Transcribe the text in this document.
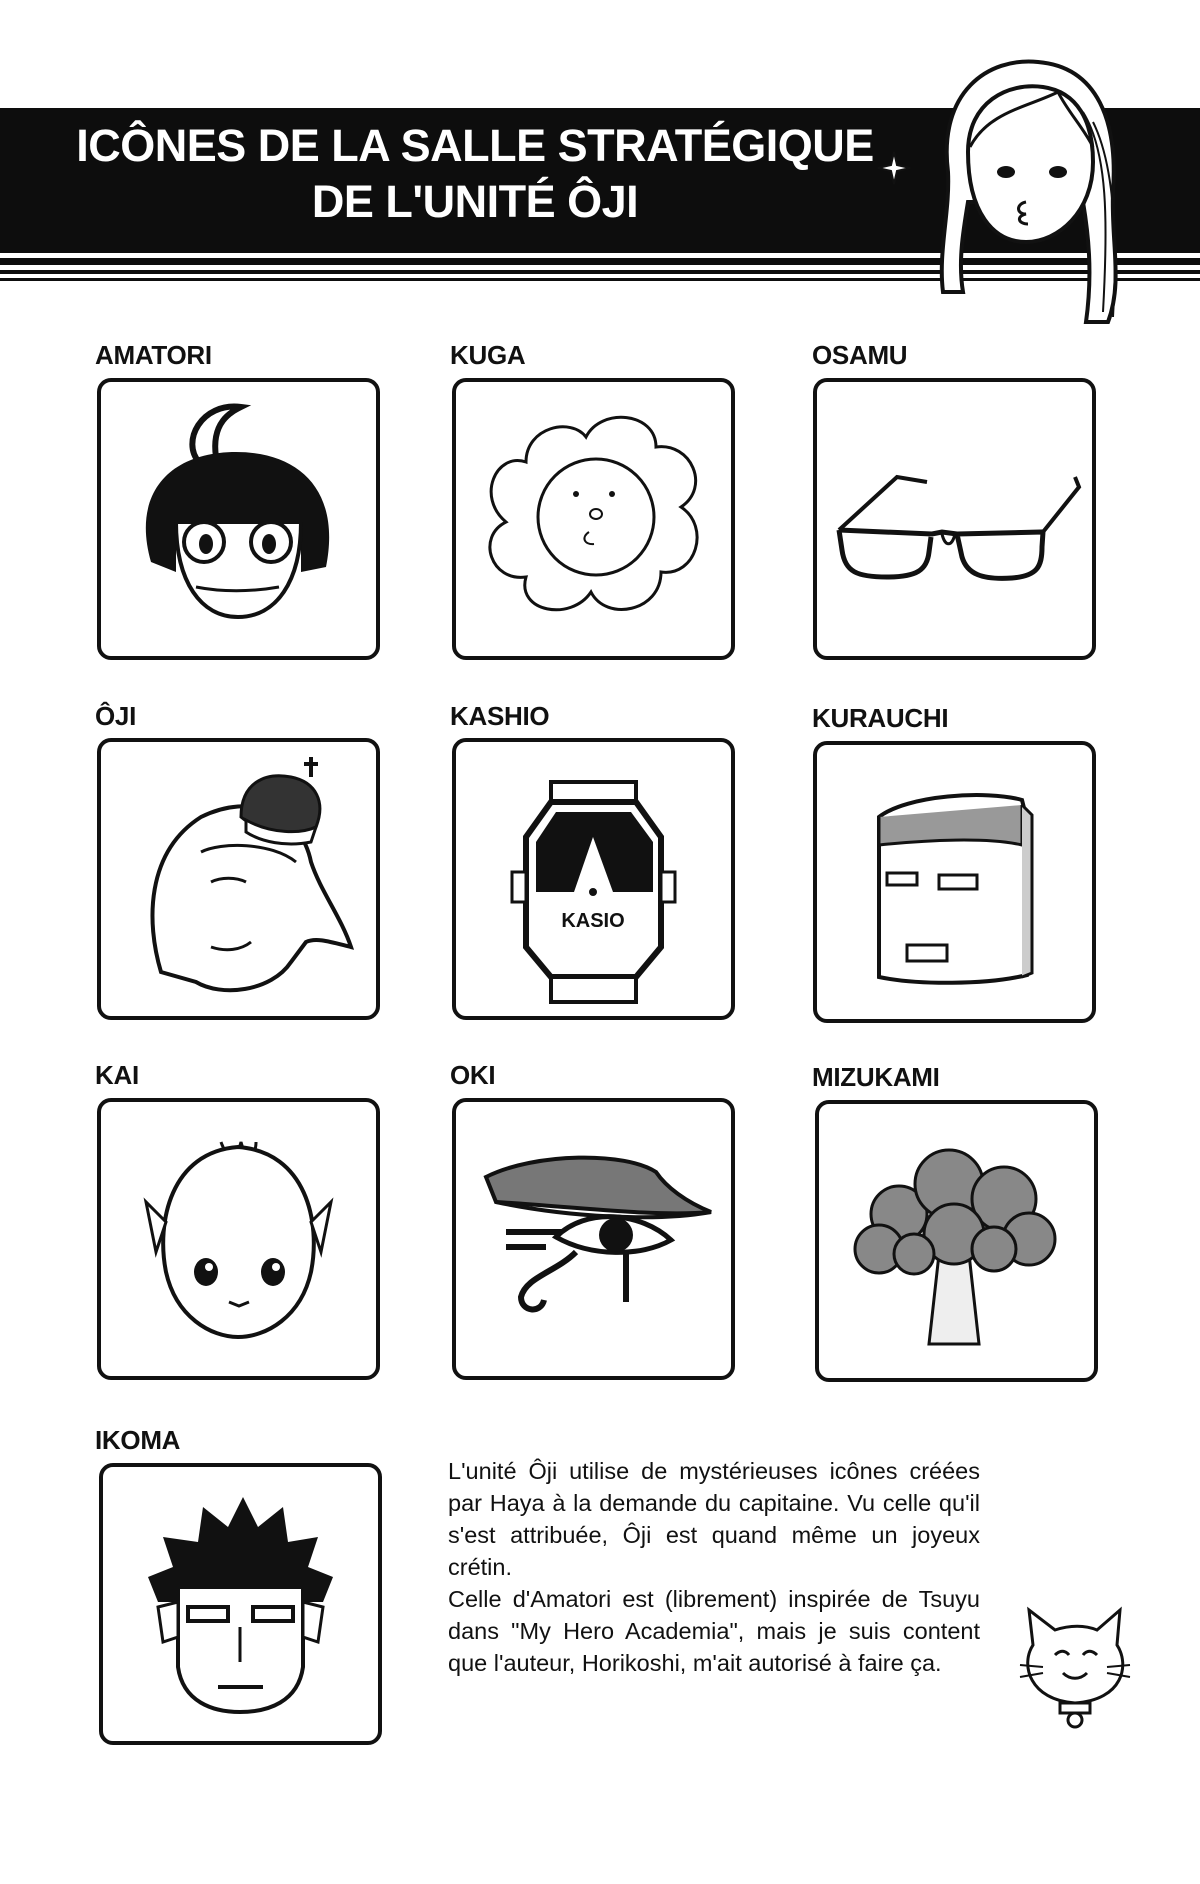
ICÔNES DE LA SALLE STRATÉGIQUE
DE L'UNITÉ ÔJI
AMATORI	KUGA	OSAMU
ÔJI	KASHIO
KASIO
KURAUCHI
KAI	OKI	MIZUKAMI
IKOMA

L'unité Ôji utilise de mystérieuses icônes créées par Haya à la demande du capitaine. Vu celle qu'il s'est attribuée, Ôji est quand même un joyeux crétin.

Celle d'Amatori est (librement) inspirée de Tsuyu dans "My Hero Academia", mais je suis content que l'auteur, Horikoshi, m'ait autorisé à faire ça.
